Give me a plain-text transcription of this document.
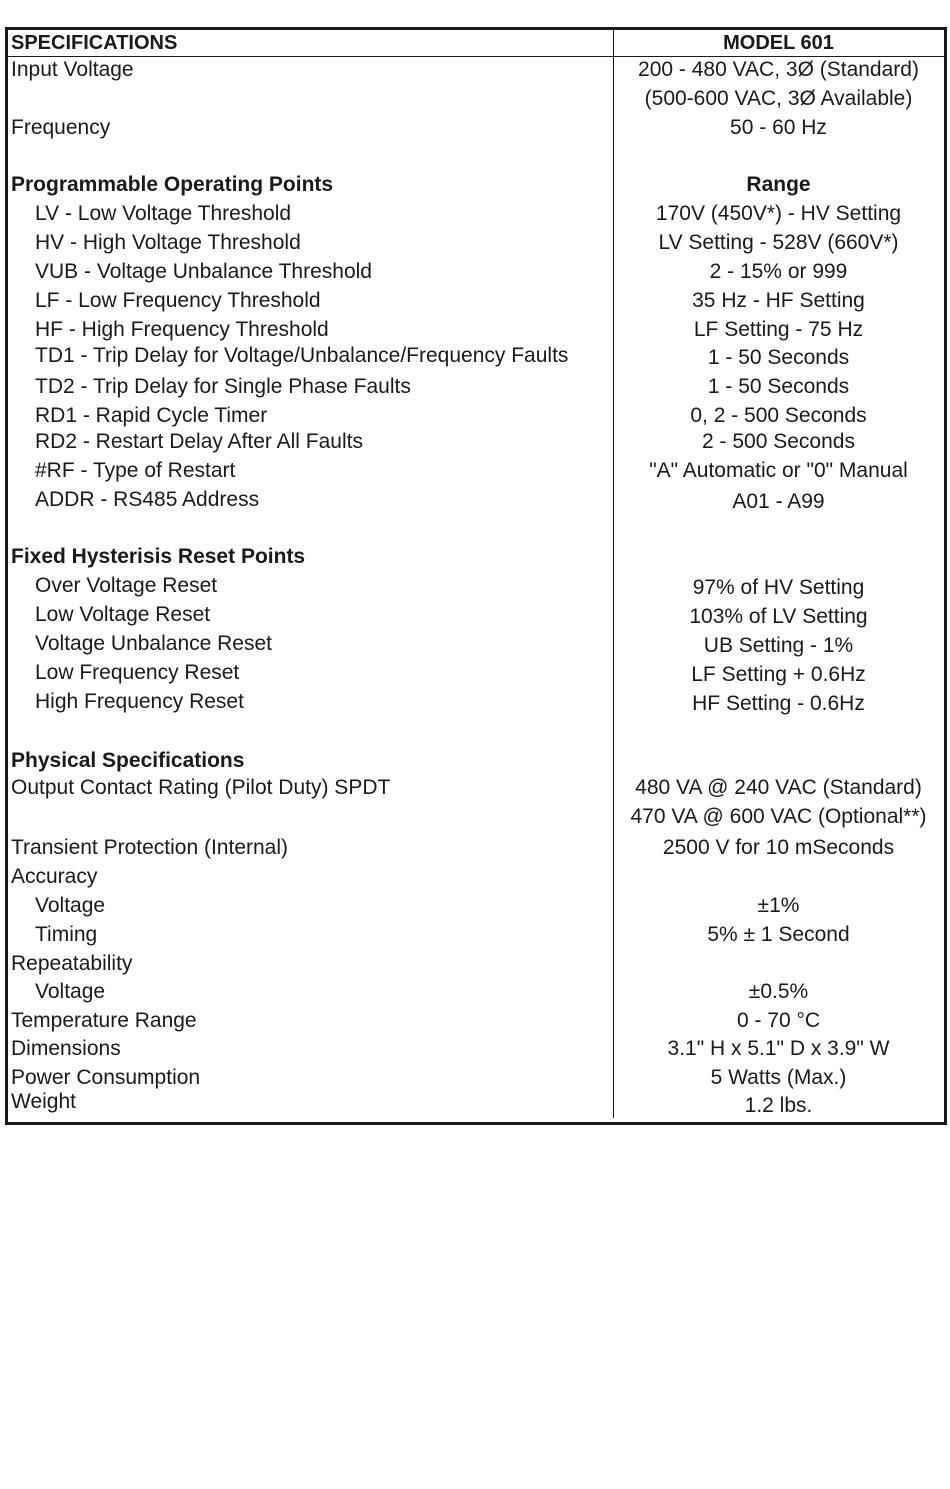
SPECIFICATIONS	MODEL 601
Input Voltage	200 - 480 VAC, 3Ø (Standard)
(500-600 VAC, 3Ø Available)
Frequency	50 - 60 Hz
Programmable Operating Points	Range
LV - Low Voltage Threshold	170V (450V*) - HV Setting
HV - High Voltage Threshold	LV Setting - 528V (660V*)
VUB - Voltage Unbalance Threshold	2 - 15% or 999
LF - Low Frequency Threshold	35 Hz - HF Setting
HF - High Frequency Threshold	LF Setting - 75 Hz
TD1 - Trip Delay for Voltage/Unbalance/Frequency Faults	1 - 50 Seconds
TD2 - Trip Delay for Single Phase Faults	1 - 50 Seconds
RD1 - Rapid Cycle Timer	0, 2 - 500 Seconds
RD2 - Restart Delay After All Faults	2 - 500 Seconds
#RF - Type of Restart	"A" Automatic or "0" Manual
ADDR - RS485 Address	A01 - A99
Fixed Hysterisis Reset Points
Over Voltage Reset	97% of HV Setting
Low Voltage Reset	103% of LV Setting
Voltage Unbalance Reset	UB Setting - 1%
Low Frequency Reset	LF Setting + 0.6Hz
High Frequency Reset	HF Setting - 0.6Hz
Physical Specifications
Output Contact Rating (Pilot Duty) SPDT	480 VA @ 240 VAC (Standard)
470 VA @ 600 VAC (Optional**)
Transient Protection (Internal)	2500 V for 10 mSeconds
Accuracy
Voltage	±1%
Timing	5% ± 1 Second
Repeatability
Voltage	±0.5%
Temperature Range	0 - 70 °C
Dimensions	3.1" H x 5.1" D x 3.9" W
Power Consumption	5 Watts (Max.)
Weight	1.2 lbs.
